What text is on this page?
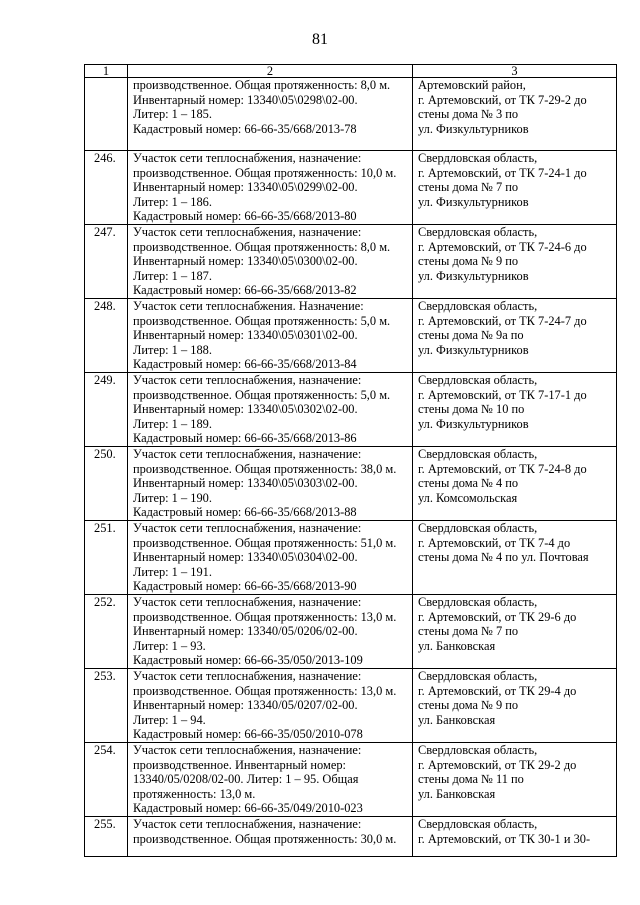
81
1	2	3

	производственное. Общая протяженность: 8,0 м.
Инвентарный номер: 13340\05\0298\02-00.
Литер: 1 – 185.
Кадастровый номер: 66-66-35/668/2013-78	Артемовский район,
г. Артемовский, от ТК 7-29-2 до
стены дома № 3 по
ул. Физкультурников

246.	Участок сети теплоснабжения, назначение:
производственное. Общая протяженность: 10,0 м.
Инвентарный номер: 13340\05\0299\02-00.
Литер: 1 – 186.
Кадастровый номер: 66-66-35/668/2013-80	Свердловская область,
г. Артемовский, от ТК 7-24-1 до
стены дома № 7 по
ул. Физкультурников

247.	Участок сети теплоснабжения, назначение:
производственное. Общая протяженность: 8,0 м.
Инвентарный номер: 13340\05\0300\02-00.
Литер: 1 – 187.
Кадастровый номер: 66-66-35/668/2013-82	Свердловская область,
г. Артемовский, от ТК 7-24-6 до
стены дома № 9 по
ул. Физкультурников

248.	Участок сети теплоснабжения. Назначение:
производственное. Общая протяженность: 5,0 м.
Инвентарный номер: 13340\05\0301\02-00.
Литер: 1 – 188.
Кадастровый номер: 66-66-35/668/2013-84	Свердловская область,
г. Артемовский, от ТК 7-24-7 до
стены дома № 9а по
ул. Физкультурников

249.	Участок сети теплоснабжения, назначение:
производственное. Общая протяженность: 5,0 м.
Инвентарный номер: 13340\05\0302\02-00.
Литер: 1 – 189.
Кадастровый номер: 66-66-35/668/2013-86	Свердловская область,
г. Артемовский, от ТК 7-17-1 до
стены дома № 10 по
ул. Физкультурников

250.	Участок сети теплоснабжения, назначение:
производственное. Общая протяженность: 38,0 м.
Инвентарный номер: 13340\05\0303\02-00.
Литер: 1 – 190.
Кадастровый номер: 66-66-35/668/2013-88	Свердловская область,
г. Артемовский, от ТК 7-24-8 до
стены дома № 4 по
ул. Комсомольская

251.	Участок сети теплоснабжения, назначение:
производственное. Общая протяженность: 51,0 м.
Инвентарный номер: 13340\05\0304\02-00.
Литер: 1 – 191.
Кадастровый номер: 66-66-35/668/2013-90	Свердловская область,
г. Артемовский, от ТК 7-4 до
стены дома № 4 по ул. Почтовая

252.	Участок сети теплоснабжения, назначение:
производственное. Общая протяженность: 13,0 м.
Инвентарный номер: 13340/05/0206/02-00.
Литер: 1 – 93.
Кадастровый номер: 66-66-35/050/2013-109	Свердловская область,
г. Артемовский, от ТК 29-6 до
стены дома № 7 по
ул. Банковская

253.	Участок сети теплоснабжения, назначение:
производственное. Общая протяженность: 13,0 м.
Инвентарный номер: 13340/05/0207/02-00.
Литер: 1 – 94.
Кадастровый номер: 66-66-35/050/2010-078	Свердловская область,
г. Артемовский, от ТК 29-4 до
стены дома № 9 по
ул. Банковская

254.	Участок сети теплоснабжения, назначение:
производственное. Инвентарный номер:
13340/05/0208/02-00. Литер: 1 – 95. Общая
протяженность: 13,0 м.
Кадастровый номер: 66-66-35/049/2010-023	Свердловская область,
г. Артемовский, от ТК 29-2 до
стены дома № 11 по
ул. Банковская

255.	Участок сети теплоснабжения, назначение:
производственное. Общая протяженность: 30,0 м.	Свердловская область,
г. Артемовский, от ТК 30-1 и 30-
